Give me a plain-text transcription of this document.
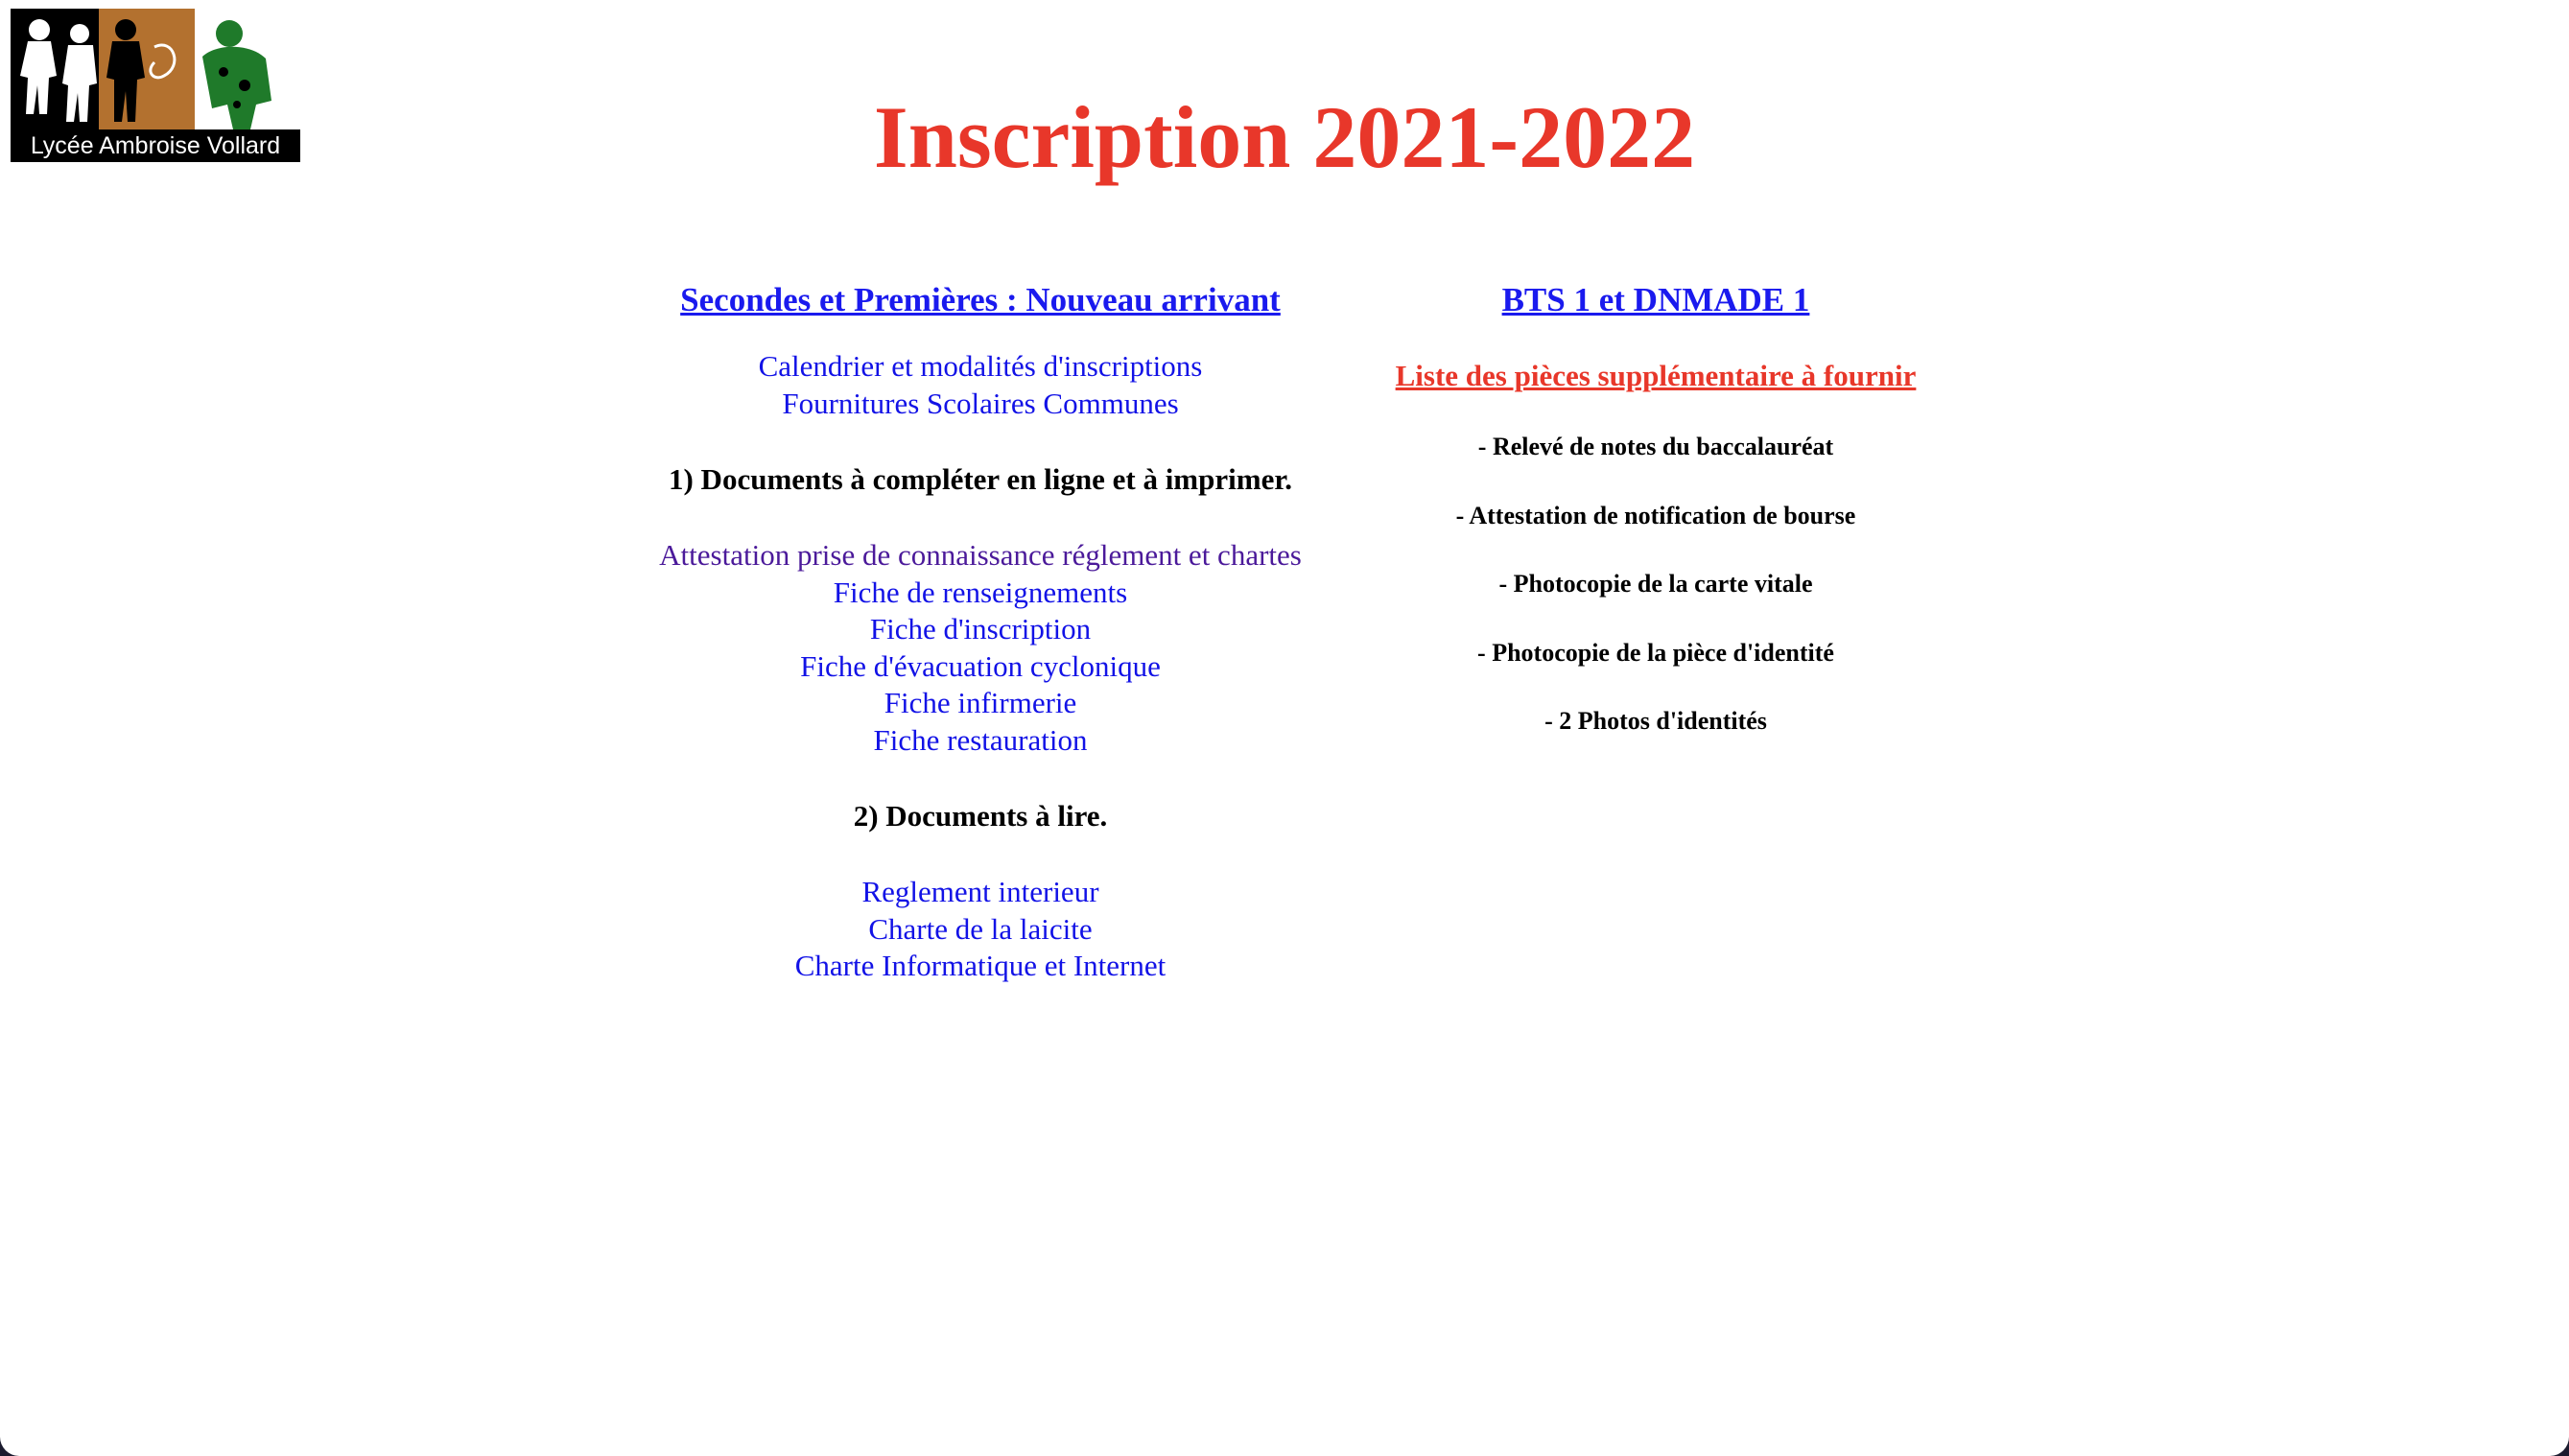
Lycée Ambroise Vollard	Inscription 2021-2022
Secondes et Premières : Nouveau arrivant
Calendrier et modalités d'inscriptions
Fournitures Scolaires Communes
1) Documents à compléter en ligne et à imprimer.
Attestation prise de connaissance réglement et chartes
Fiche de renseignements
Fiche d'inscription
Fiche d'évacuation cyclonique
Fiche infirmerie
Fiche restauration
2) Documents à lire.
Reglement interieur
Charte de la laicite
Charte Informatique et Internet
BTS 1 et DNMADE 1
Liste des pièces supplémentaire à fournir
- Relevé de notes du baccalauréat
- Attestation de notification de bourse
- Photocopie de la carte vitale
- Photocopie de la pièce d'identité
- 2 Photos d'identités
